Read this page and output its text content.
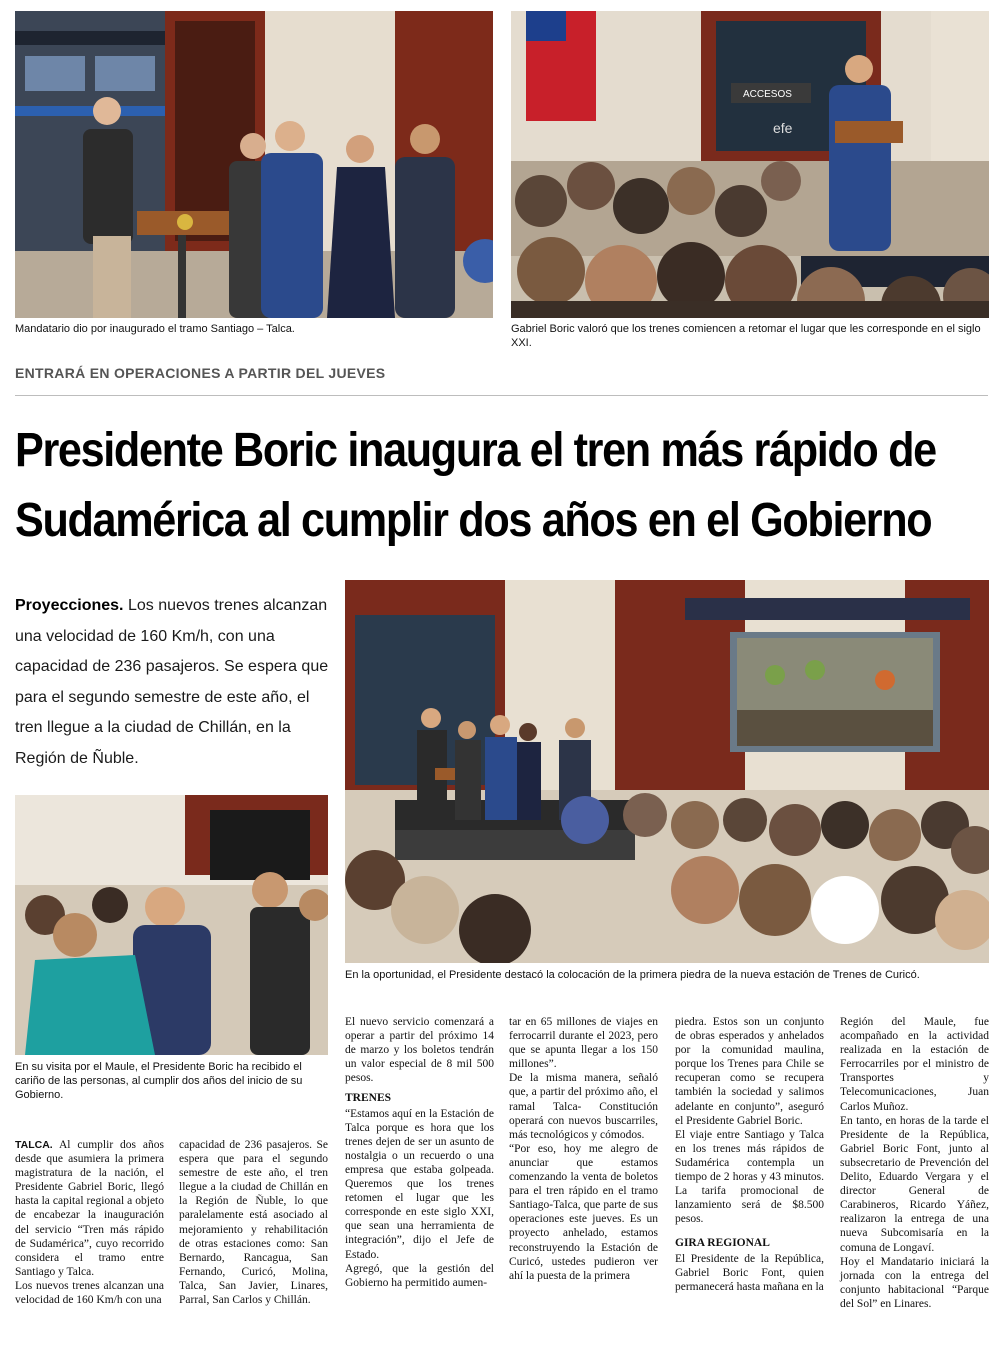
Mandatario dio por inaugurado el tramo Santiago – Talca.
ACCESOS
efe
Gabriel Boric valoró que los trenes comiencen a retomar el lugar que les corresponde en el siglo XXI.
ENTRARÁ EN OPERACIONES A PARTIR DEL JUEVES
Presidente Boric inaugura el tren más rápido de
Sudamérica al cumplir dos años en el Gobierno
Proyecciones. Los nuevos trenes alcanzan una velocidad de 160 Km/h, con una capacidad de 236 pasajeros. Se espera que para el segundo semestre de este año, el tren llegue a la ciudad de Chillán, en la Región de Ñuble.
En su visita por el Maule, el Presidente Boric ha recibido el cariño de las personas, al cumplir dos años del inicio de su Gobierno.
En la oportunidad, el Presidente destacó la colocación de la primera piedra de la nueva estación de Trenes de Curicó.

TALCA. Al cumplir dos años desde que asumiera la primera magistratura de la nación, el Presidente Gabriel Boric, llegó hasta la capital regional a objeto de encabezar la inauguración del servicio “Tren más rápido de Sudamérica”, cuyo recorrido considera el tramo entre Santiago y Talca.

Los nuevos trenes alcanzan una velocidad de 160 Km/h con una

capacidad de 236 pasajeros. Se espera que para el segundo semestre de este año, el tren llegue a la ciudad de Chillán en la Región de Ñuble, lo que paralelamente está asociado al mejoramiento y rehabilitación de otras estaciones como: San Bernardo, Rancagua, San Fernando, Curicó, Molina, Talca, San Javier, Linares, Parral, San Carlos y Chillán.

El nuevo servicio comenzará a operar a partir del próximo 14 de marzo y los boletos tendrán un valor especial de 8 mil 500 pesos.

TRENES

“Estamos aquí en la Estación de Talca porque es hora que los trenes dejen de ser un asunto de nostalgia o un recuerdo o una empresa que estaba golpeada. Queremos que los trenes retomen el lugar que les corresponde en este siglo XXI, que sean una herramienta de integración”, dijo el Jefe de Estado.

Agregó, que la gestión del Gobierno ha permitido aumen-

tar en 65 millones de viajes en ferrocarril durante el 2023, pero que se apunta llegar a los 150 millones”.

De la misma manera, señaló que, a partir del próximo año, el ramal Talca- Constitución operará con nuevos buscarriles, más tecnológicos y cómodos.

“Por eso, hoy me alegro de anunciar que estamos comenzando la venta de boletos para el tren rápido en el tramo Santiago-Talca, que parte de sus operaciones este jueves. Es un proyecto anhelado, estamos reconstruyendo la Estación de Curicó, ustedes pudieron ver ahí la puesta de la primera

piedra. Estos son un conjunto de obras esperados y anhelados por la comunidad maulina, porque los Trenes para Chile se recuperan como se recupera también la sociedad y salimos adelante en conjunto”, aseguró el Presidente Gabriel Boric.

El viaje entre Santiago y Talca en los trenes más rápidos de Sudamérica contempla un tiempo de 2 horas y 43 minutos. La tarifa promocional de lanzamiento será de $8.500 pesos.

GIRA REGIONAL

El Presidente de la República, Gabriel Boric Font, quien permanecerá hasta mañana en la

Región del Maule, fue acompañado en la actividad realizada en la estación de Ferrocarriles por el ministro de Transportes y Telecomunicaciones, Juan Carlos Muñoz.

En tanto, en horas de la tarde el Presidente de la República, Gabriel Boric Font, junto al subsecretario de Prevención del Delito, Eduardo Vergara y el director General de Carabineros, Ricardo Yáñez, realizaron la entrega de una nueva Subcomisaría en la comuna de Longaví.

Hoy el Mandatario iniciará la jornada con la entrega del conjunto habitacional “Parque del Sol” en Linares.
